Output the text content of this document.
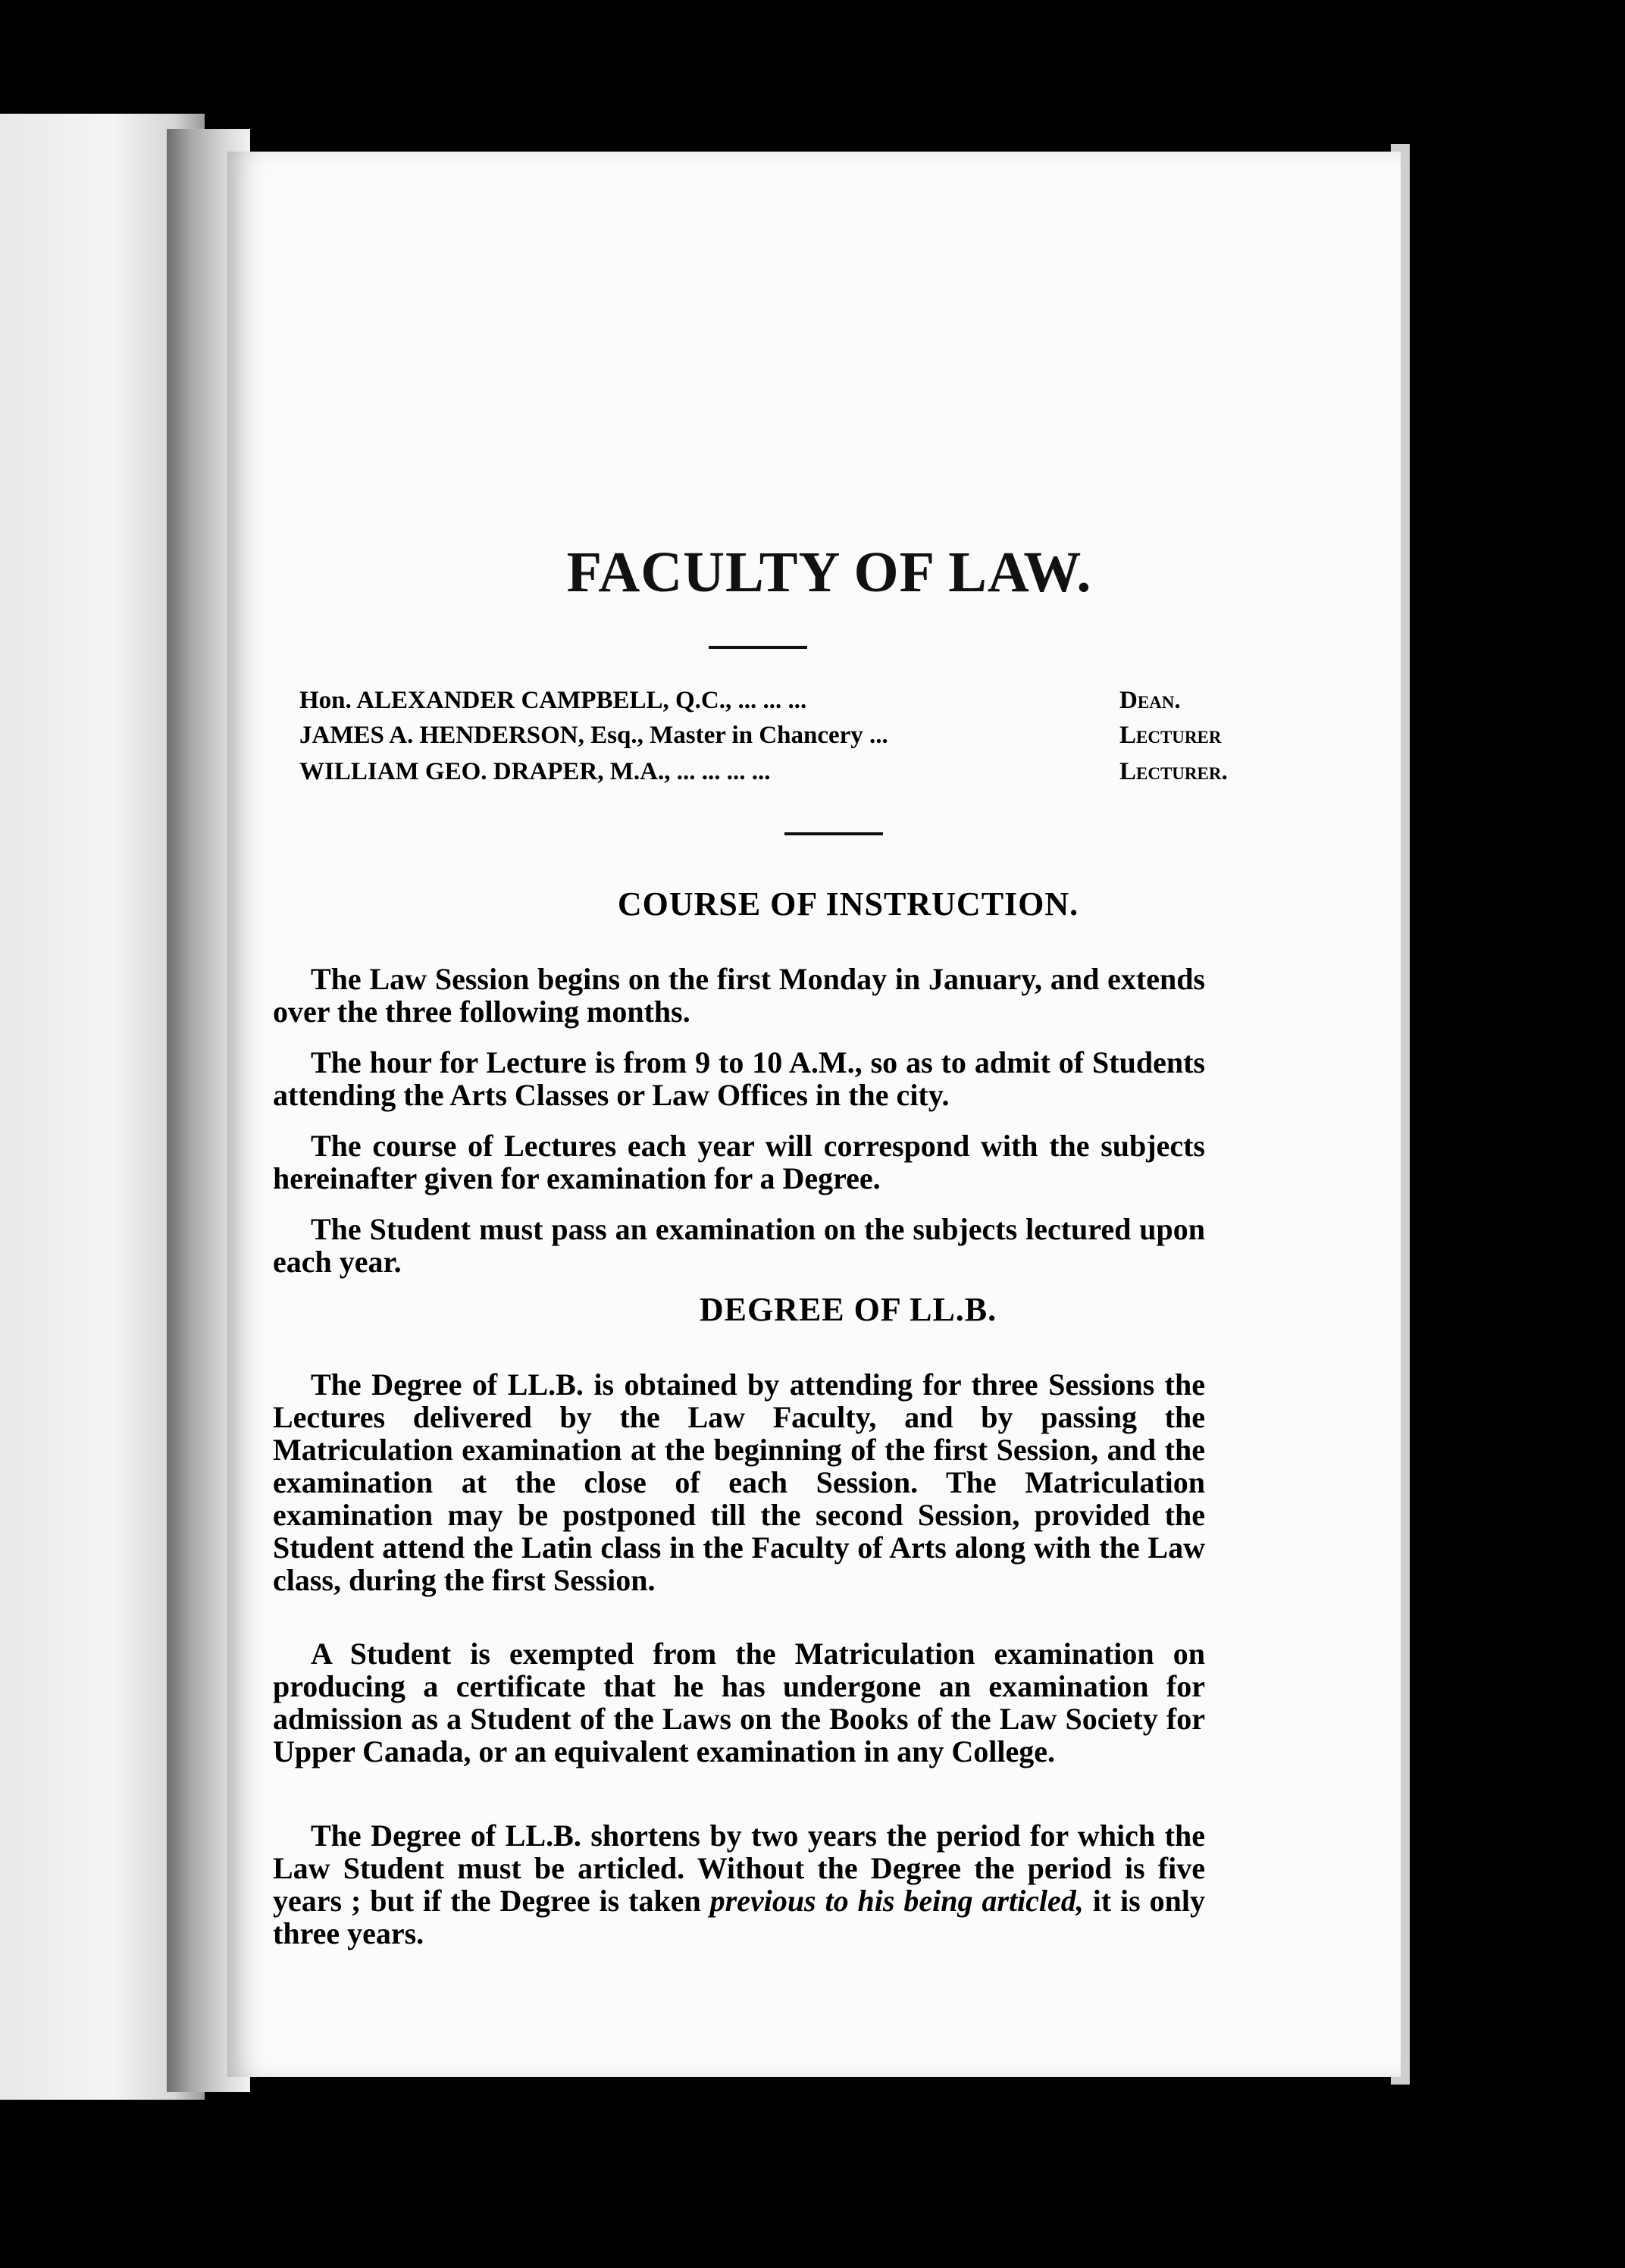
FACULTY OF LAW.
Hon. ALEXANDER CAMPBELL, Q.C., ... ... ...	Dean.
JAMES A. HENDERSON, Esq., Master in Chancery ...	Lecturer
WILLIAM GEO. DRAPER, M.A., ... ... ... ...	Lecturer.
COURSE OF INSTRUCTION.

The Law Session begins on the first Monday in January, and extends over the three following months.

The hour for Lecture is from 9 to 10 A.M., so as to admit of Students attending the Arts Classes or Law Offices in the city.

The course of Lectures each year will correspond with the subjects hereinafter given for examination for a Degree.

The Student must pass an examination on the subjects lectured upon each year.

DEGREE OF LL.B.

The Degree of LL.B. is obtained by attending for three Sessions the Lectures delivered by the Law Faculty, and by passing the Matriculation examination at the beginning of the first Session, and the examination at the close of each Session. The Matriculation examination may be postponed till the second Session, provided the Student attend the Latin class in the Faculty of Arts along with the Law class, during the first Session.

A Student is exempted from the Matriculation examination on producing a certificate that he has undergone an examination for admission as a Student of the Laws on the Books of the Law Society for Upper Canada, or an equivalent examination in any College.

The Degree of LL.B. shortens by two years the period for which the Law Student must be articled. Without the Degree the period is five years ; but if the Degree is taken previous to his being articled, it is only three years.
